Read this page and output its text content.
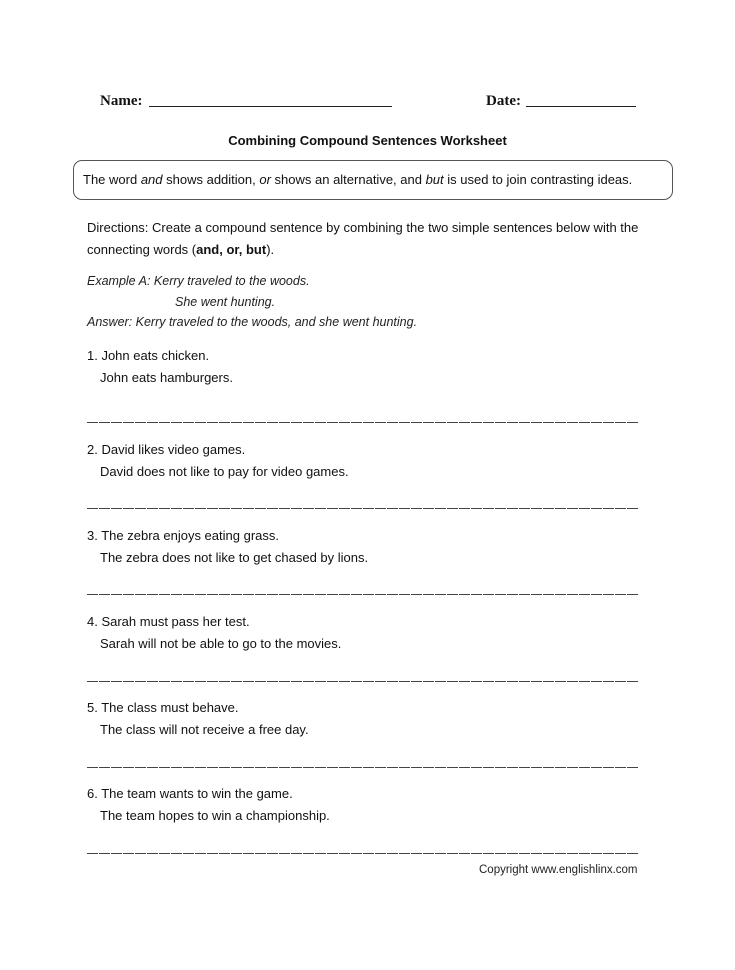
Name:	Date:
Combining Compound Sentences Worksheet
The word and shows addition, or shows an alternative, and but is used to join contrasting ideas.
Directions: Create a compound sentence by combining the two simple sentences below with the connecting words (and, or, but).
Example A: Kerry traveled to the woods.
She went hunting.
Answer: Kerry traveled to the woods, and she went hunting.
1. John eats chicken.
John eats hamburgers.
2. David likes video games.
David does not like to pay for video games.
3. The zebra enjoys eating grass.
The zebra does not like to get chased by lions.
4. Sarah must pass her test.
Sarah will not be able to go to the movies.
5. The class must behave.
The class will not receive a free day.
6. The team wants to win the game.
The team hopes to win a championship.
Copyright www.englishlinx.com
